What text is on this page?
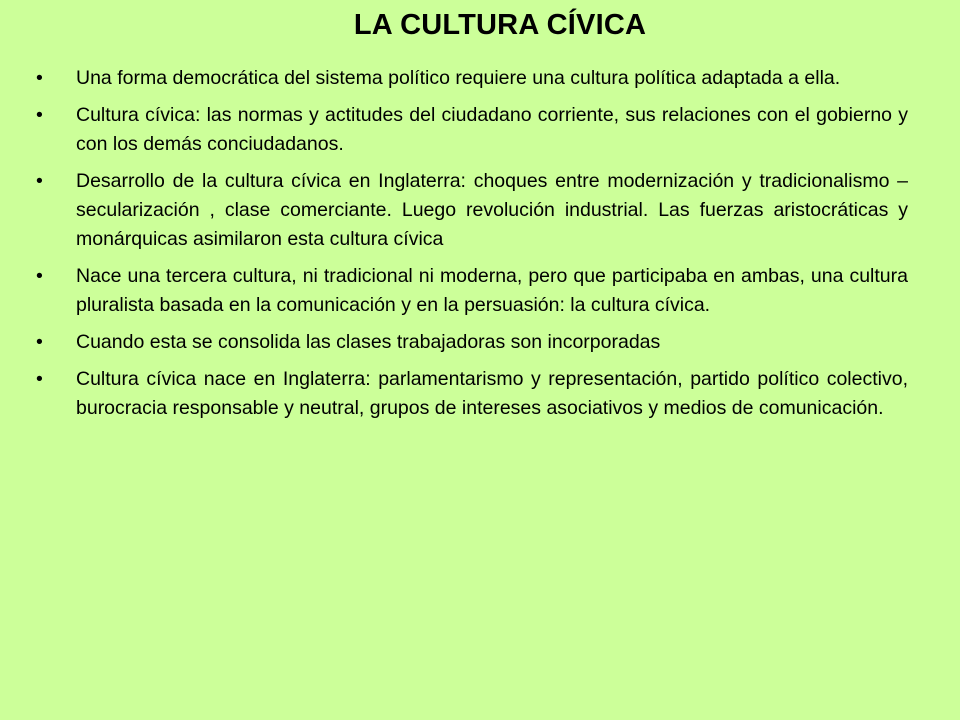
LA CULTURA CÍVICA
•	Una forma democrática del sistema político requiere una cultura política adaptada a ella.
•	Cultura cívica: las normas y actitudes del ciudadano corriente, sus relaciones con el gobierno y con los demás conciudadanos.
•	Desarrollo de la cultura cívica en Inglaterra: choques entre modernización y tradicionalismo – secularización , clase comerciante. Luego revolución industrial. Las fuerzas aristocráticas y monárquicas asimilaron esta cultura cívica
•	Nace una tercera cultura, ni tradicional ni moderna, pero que participaba en ambas, una cultura pluralista basada en la comunicación y en la persuasión: la cultura cívica.
•	Cuando esta se consolida las clases trabajadoras son incorporadas
•	Cultura cívica nace en Inglaterra: parlamentarismo y representación, partido político colectivo, burocracia responsable y neutral, grupos de intereses asociativos y medios de comunicación.
